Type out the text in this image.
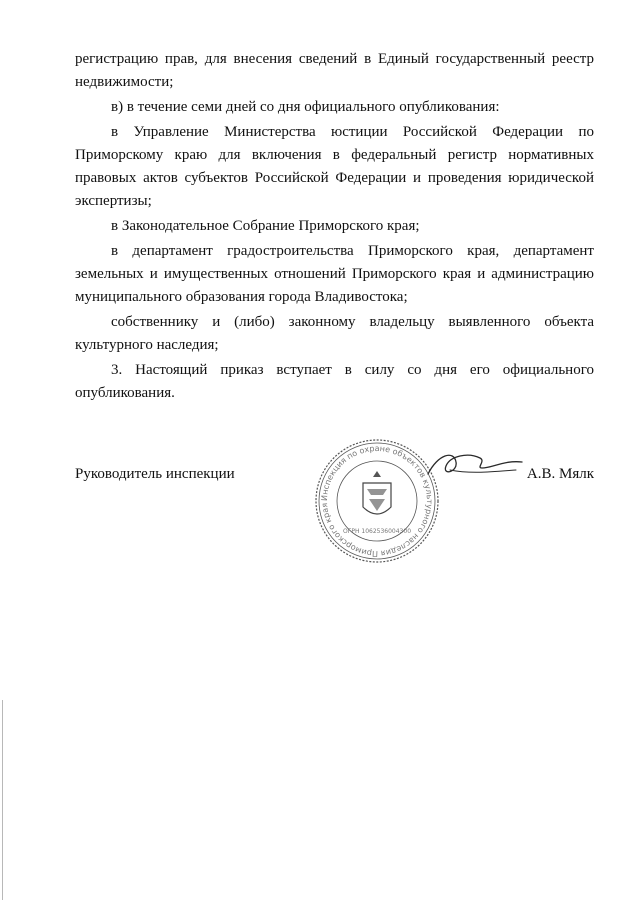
регистрацию прав, для внесения сведений в Единый государственный реестр недвижимости;

в) в течение семи дней со дня официального опубликования:

в Управление Министерства юстиции Российской Федерации по Приморскому краю для включения в федеральный регистр нормативных правовых актов субъектов Российской Федерации и проведения юридической экспертизы;

в Законодательное Собрание Приморского края;

в департамент градостроительства Приморского края, департамент земельных и имущественных отношений Приморского края и администрацию муниципального образования города Владивостока;

собственнику и (либо) законному владельцу выявленного объекта культурного наследия;

3. Настоящий приказ вступает в силу со дня его официального опубликования.

Руководитель инспекции	А.В. Мялк
Инспекция по охране объектов культурного наследия Приморского края
ОГРН 1062536004300
